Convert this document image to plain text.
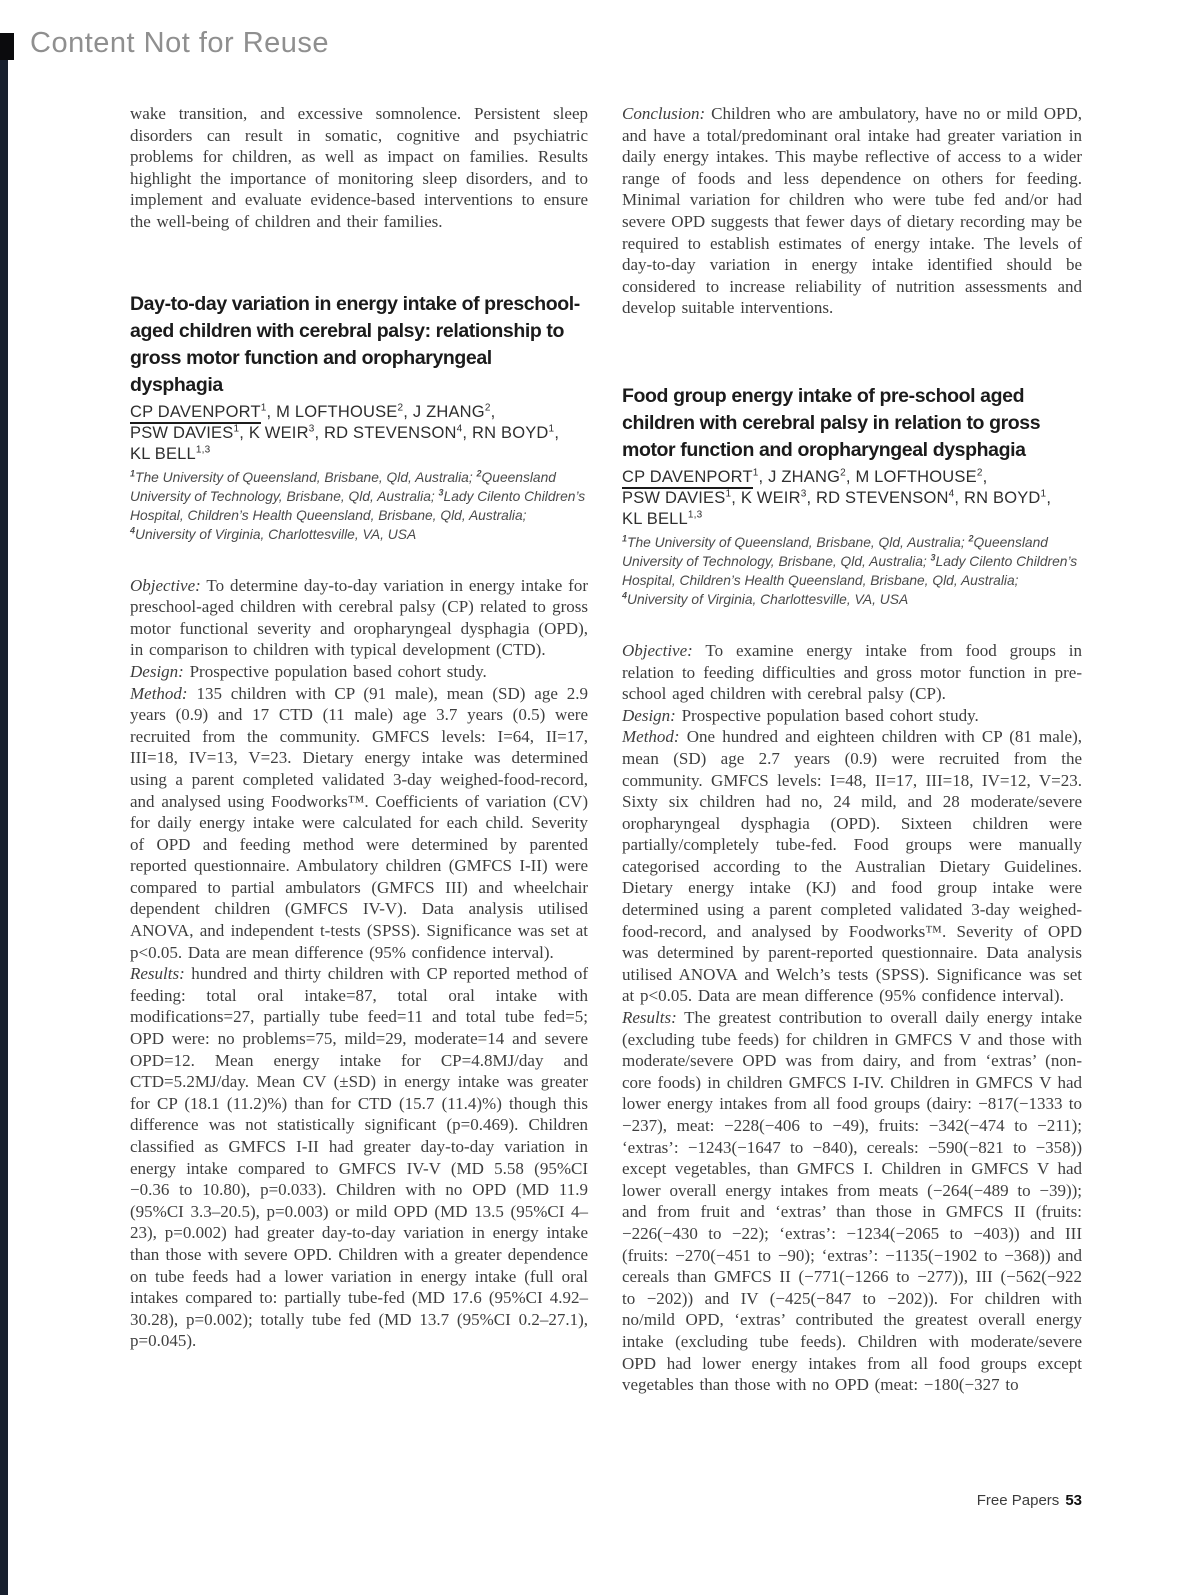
Content Not for Reuse

wake transition, and excessive somnolence. Persistent sleep disorders can result in somatic, cognitive and psychiatric problems for children, as well as impact on families. Results highlight the importance of monitoring sleep disorders, and to implement and evaluate evidence-based interventions to ensure the well-being of children and their families.

Day-to-day variation in energy intake of preschool-aged children with cerebral palsy: relationship to gross motor function and oropharyngeal dysphagia
CP DAVENPORT$^1$, M LOFTHOUSE$^2$, J ZHANG$^2$,
PSW DAVIES$^1$, K WEIR$^3$, RD STEVENSON$^4$, RN BOYD$^1$,
KL BELL$^{1,3}$
$^1$The University of Queensland, Brisbane, Qld, Australia; $^2$Queensland University of Technology, Brisbane, Qld, Australia; $^3$Lady Cilento Children’s Hospital, Children’s Health Queensland, Brisbane, Qld, Australia; $^4$University of Virginia, Charlottesville, VA, USA

Objective: To determine day-to-day variation in energy intake for preschool-aged children with cerebral palsy (CP) related to gross motor functional severity and oropharyngeal dysphagia (OPD), in comparison to children with typical development (CTD).

Design: Prospective population based cohort study.

Method: 135 children with CP (91 male), mean (SD) age 2.9 years (0.9) and 17 CTD (11 male) age 3.7 years (0.5) were recruited from the community. GMFCS levels: I=64, II=17, III=18, IV=13, V=23. Dietary energy intake was determined using a parent completed validated 3-day weighed-food-record, and analysed using Foodworks™. Coefficients of variation (CV) for daily energy intake were calculated for each child. Severity of OPD and feeding method were determined by parented reported questionnaire. Ambulatory children (GMFCS I-II) were compared to partial ambulators (GMFCS III) and wheelchair dependent children (GMFCS IV-V). Data analysis utilised ANOVA, and independent t-tests (SPSS). Significance was set at p<0.05. Data are mean difference (95% confidence interval).

Results: hundred and thirty children with CP reported method of feeding: total oral intake=87, total oral intake with modifications=27, partially tube feed=11 and total tube fed=5; OPD were: no problems=75, mild=29, moderate=14 and severe OPD=12. Mean energy intake for CP=4.8MJ/day and CTD=5.2MJ/day. Mean CV (±SD) in energy intake was greater for CP (18.1 (11.2)%) than for CTD (15.7 (11.4)%) though this difference was not statistically significant (p=0.469). Children classified as GMFCS I-II had greater day-to-day variation in energy intake compared to GMFCS IV-V (MD 5.58 (95%CI −0.36 to 10.80), p=0.033). Children with no OPD (MD 11.9 (95%CI 3.3–20.5), p=0.003) or mild OPD (MD 13.5 (95%CI 4–23), p=0.002) had greater day-to-day variation in energy intake than those with severe OPD. Children with a greater dependence on tube feeds had a lower variation in energy intake (full oral intakes compared to: partially tube-fed (MD 17.6 (95%CI 4.92–30.28), p=0.002); totally tube fed (MD 13.7 (95%CI 0.2–27.1), p=0.045).

Conclusion: Children who are ambulatory, have no or mild OPD, and have a total/predominant oral intake had greater variation in daily energy intakes. This maybe reflective of access to a wider range of foods and less dependence on others for feeding. Minimal variation for children who were tube fed and/or had severe OPD suggests that fewer days of dietary recording may be required to establish estimates of energy intake. The levels of day-to-day variation in energy intake identified should be considered to increase reliability of nutrition assessments and develop suitable interventions.

Food group energy intake of pre-school aged children with cerebral palsy in relation to gross motor function and oropharyngeal dysphagia
CP DAVENPORT$^1$, J ZHANG$^2$, M LOFTHOUSE$^2$,
PSW DAVIES$^1$, K WEIR$^3$, RD STEVENSON$^4$, RN BOYD$^1$,
KL BELL$^{1,3}$
$^1$The University of Queensland, Brisbane, Qld, Australia; $^2$Queensland University of Technology, Brisbane, Qld, Australia; $^3$Lady Cilento Children’s Hospital, Children’s Health Queensland, Brisbane, Qld, Australia; $^4$University of Virginia, Charlottesville, VA, USA

Objective: To examine energy intake from food groups in relation to feeding difficulties and gross motor function in pre-school aged children with cerebral palsy (CP).

Design: Prospective population based cohort study.

Method: One hundred and eighteen children with CP (81 male), mean (SD) age 2.7 years (0.9) were recruited from the community. GMFCS levels: I=48, II=17, III=18, IV=12, V=23. Sixty six children had no, 24 mild, and 28 moderate/severe oropharyngeal dysphagia (OPD). Sixteen children were partially/completely tube-fed. Food groups were manually categorised according to the Australian Dietary Guidelines. Dietary energy intake (KJ) and food group intake were determined using a parent completed validated 3-day weighed-food-record, and analysed by Foodworks™. Severity of OPD was determined by parent-reported questionnaire. Data analysis utilised ANOVA and Welch’s tests (SPSS). Significance was set at p<0.05. Data are mean difference (95% confidence interval).

Results: The greatest contribution to overall daily energy intake (excluding tube feeds) for children in GMFCS V and those with moderate/severe OPD was from dairy, and from ‘extras’ (non-core foods) in children GMFCS I-IV. Children in GMFCS V had lower energy intakes from all food groups (dairy: −817(−1333 to −237), meat: −228(−406 to −49), fruits: −342(−474 to −211); ‘extras’: −1243(−1647 to −840), cereals: −590(−821 to −358)) except vegetables, than GMFCS I. Children in GMFCS V had lower overall energy intakes from meats (−264(−489 to −39)); and from fruit and ‘extras’ than those in GMFCS II (fruits: −226(−430 to −22); ‘extras’: −1234(−2065 to −403)) and III (fruits: −270(−451 to −90); ‘extras’: −1135(−1902 to −368)) and cereals than GMFCS II (−771(−1266 to −277)), III (−562(−922 to −202)) and IV (−425(−847 to −202)). For children with no/mild OPD, ‘extras’ contributed the greatest overall energy intake (excluding tube feeds). Children with moderate/severe OPD had lower energy intakes from all food groups except vegetables than those with no OPD (meat: −180(−327 to

Free Papers 53
